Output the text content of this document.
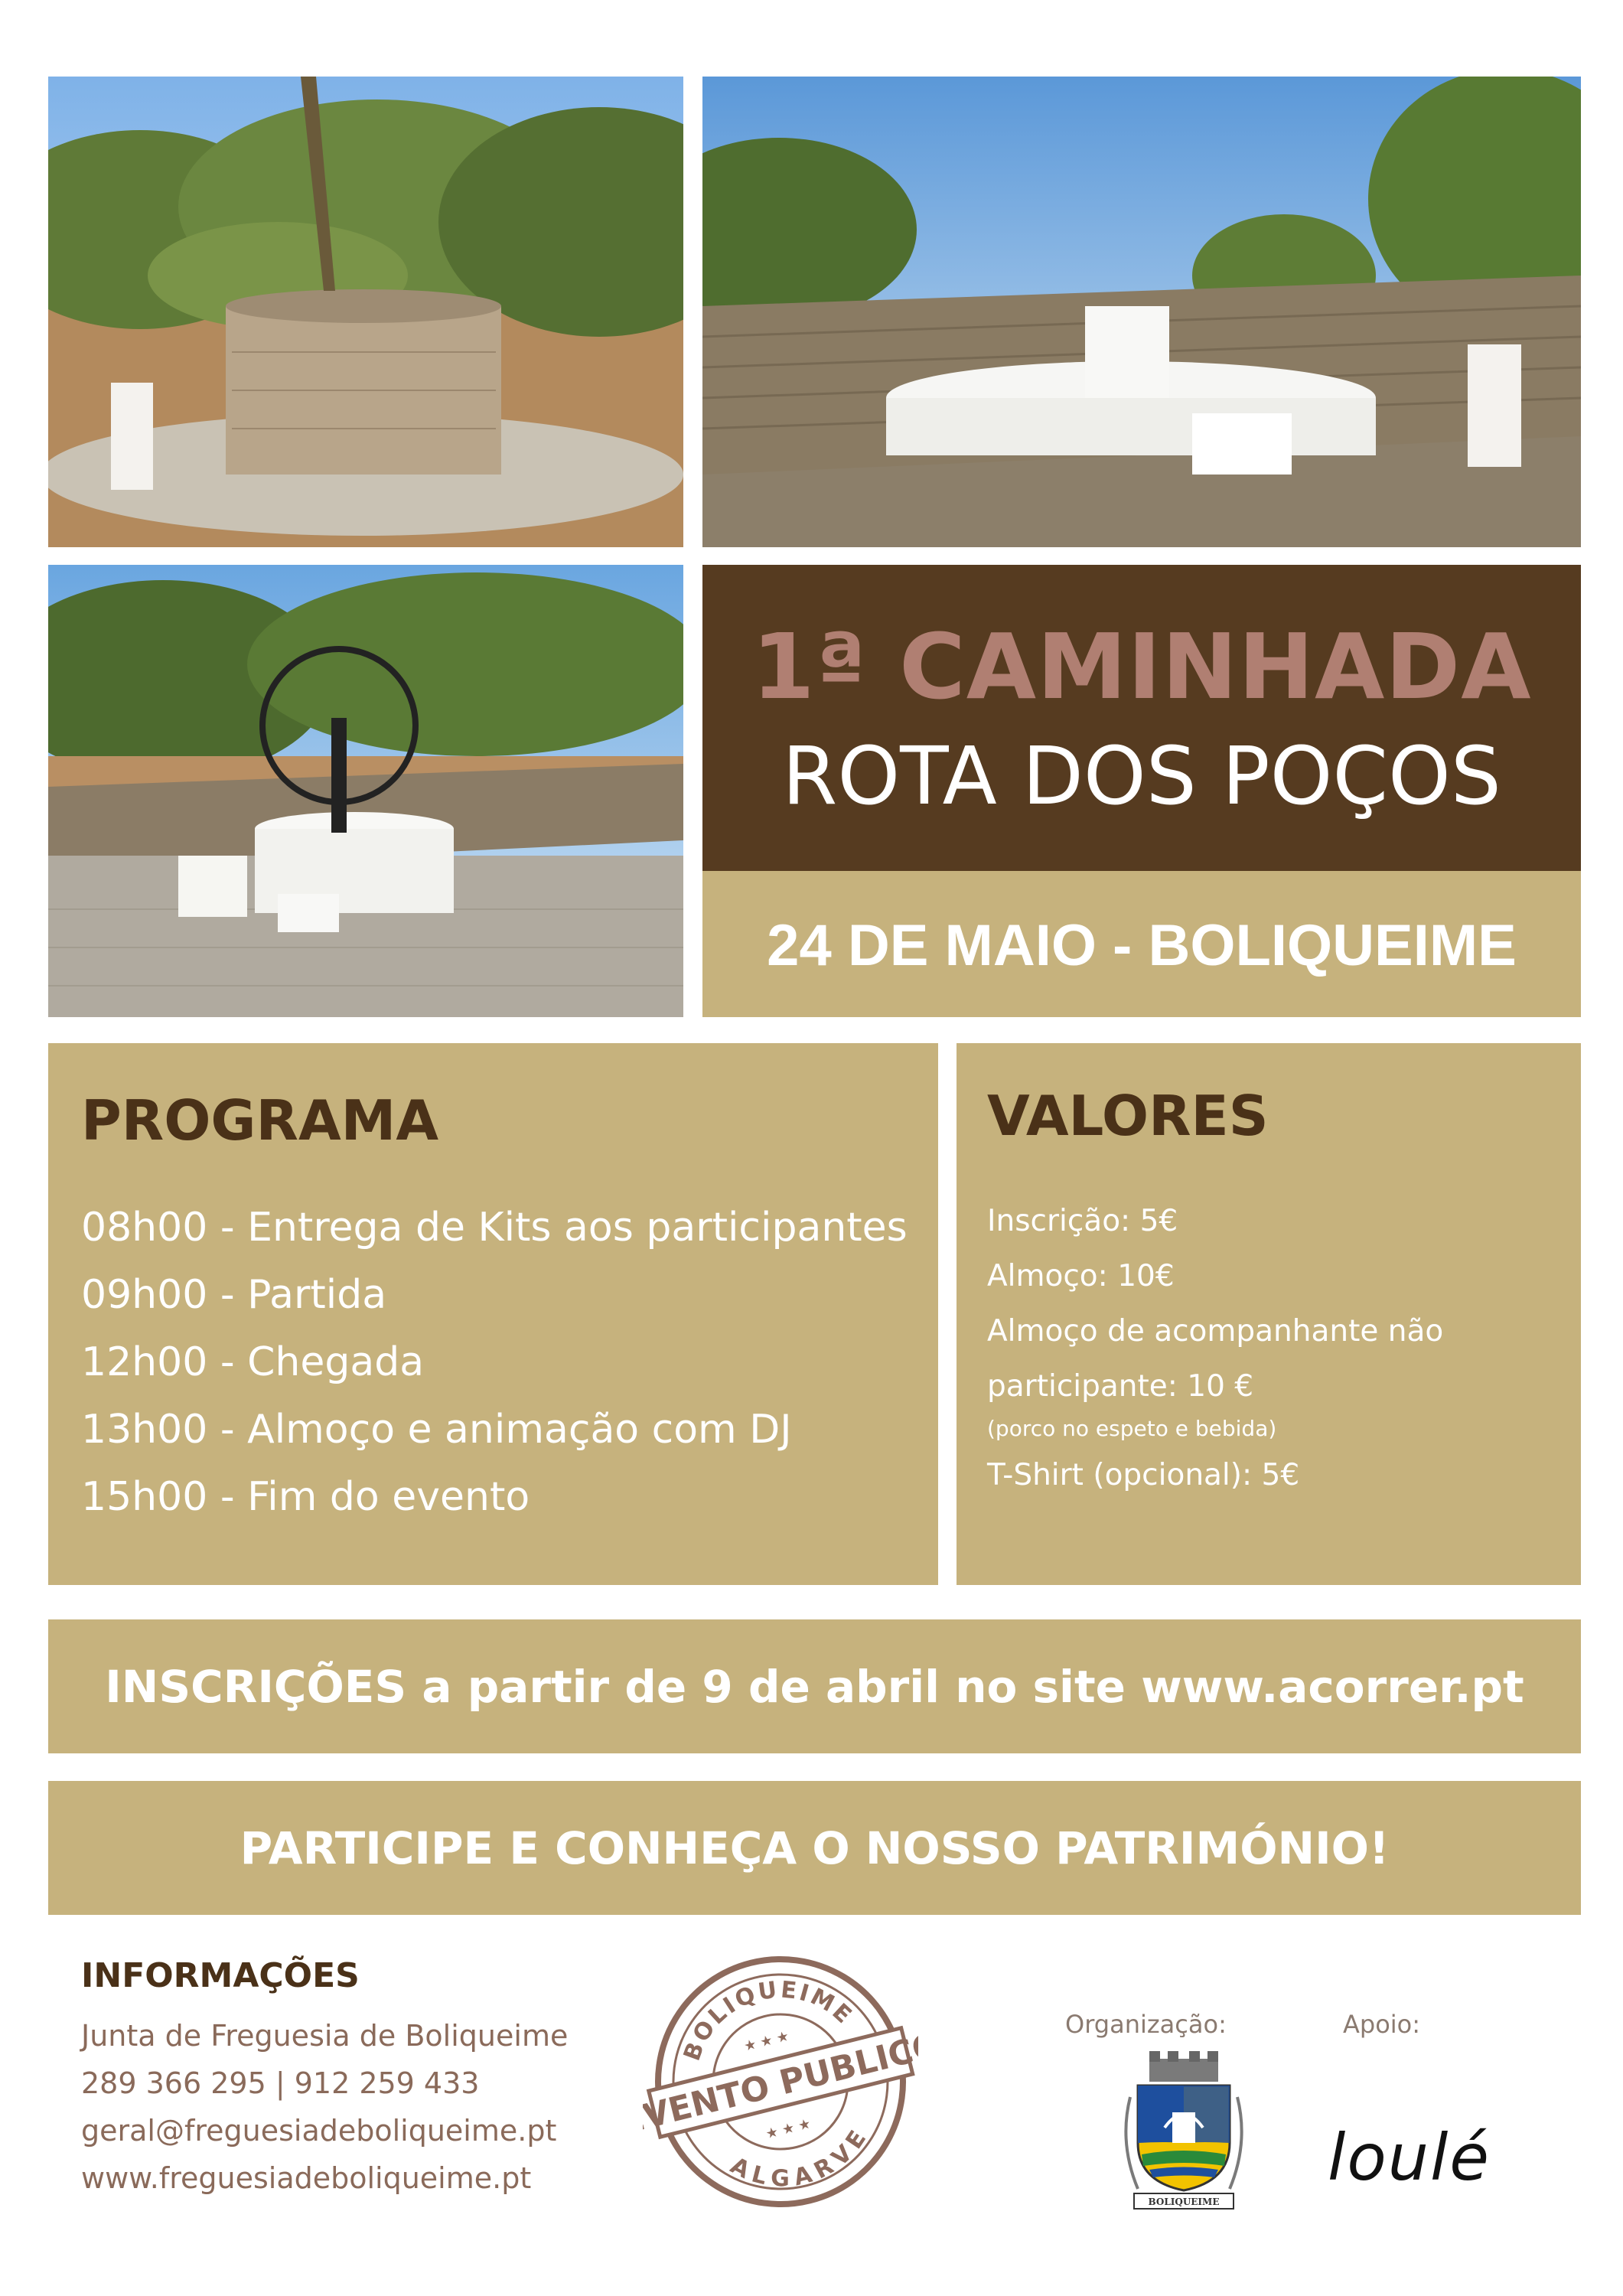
1ª CAMINHADA
ROTA DOS POÇOS
24 DE MAIO - BOLIQUEIME
PROGRAMA
08h00 - Entrega de Kits aos participantes
09h00 - Partida
12h00 - Chegada
13h00 - Almoço e animação com DJ
15h00 - Fim do evento
VALORES
Inscrição: 5€
Almoço: 10€
Almoço de acompanhante não
participante: 10 €
(porco no espeto e bebida)
T-Shirt (opcional): 5€
INSCRIÇÕES a partir de 9 de abril no site www.acorrer.pt
PARTICIPE E CONHEÇA O NOSSO PATRIMÓNIO!
INFORMAÇÕES
Junta de Freguesia de Boliqueime
289 366 295 | 912 259 433
geral@freguesiadeboliqueime.pt
www.freguesiadeboliqueime.pt
BOLIQUEIME
ALGARVE
★ ★ ★
★ ★ ★
EVENTO PUBLICO
Organização:	Apoio:
BOLIQUEIME
loulé
